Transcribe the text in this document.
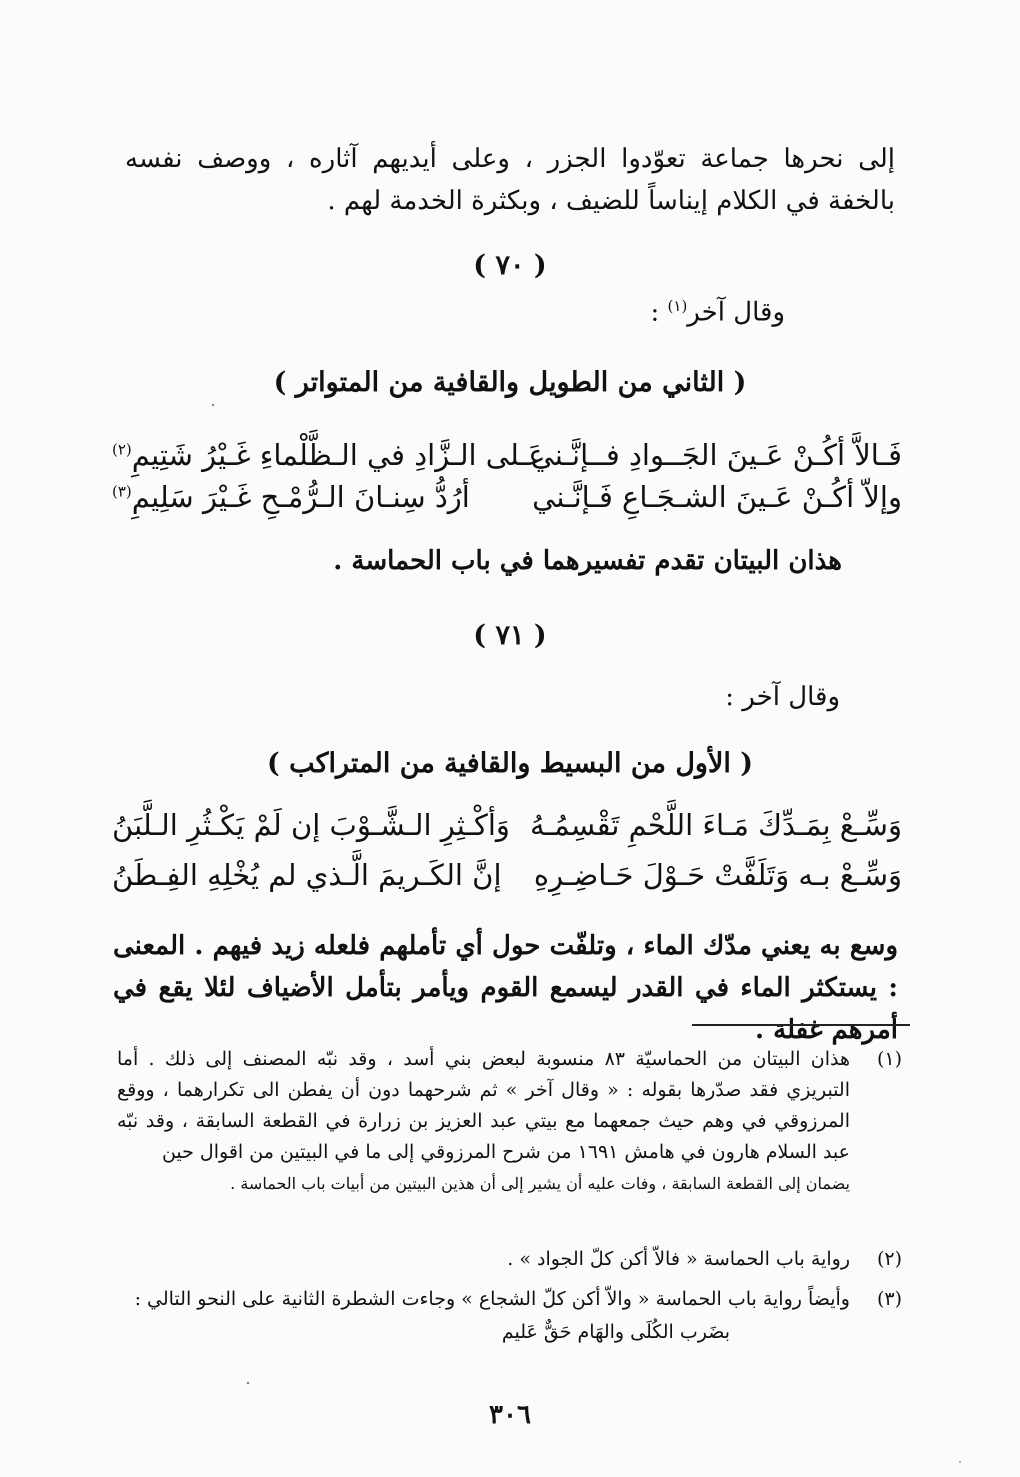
إلى نحرها جماعة تعوّدوا الجزر ، وعلى أيديهم آثاره ، ووصف نفسه بالخفة في الكلام إيناساً للضيف ، وبكثرة الخدمة لهم .

( ٧٠ )

وقال آخر$^{(١)}$ :

( الثاني من الطويل والقافية من المتواتر )

فَـالاَّ أكُـنْ عَـينَ الجَــوادِ فــإنَّـني
عَـلى الـزَّادِ في الـظَّلْماءِ غَـيْرُ شَتِيمِ$^{(٢)}$
وإلاّ أكُـنْ عَـينَ الشـجَـاعِ فَـإنَّـني
أرُدُّ سِنـانَ الـرُّمْـحِ غَـيْرَ سَلِيمِ$^{(٣)}$

هذان البيتان تقدم تفسيرهما في باب الحماسة .

( ٧١ )

وقال آخر :

( الأول من البسيط والقافية من المتراكب )

وَسِّـعْ بِمَـدِّكَ مَـاءَ اللَّحْمِ تَقْسِمُـهُ
وَأكْـثِرِ الـشَّـوْبَ إن لَمْ يَكْـثُرِ الـلَّبَنُ
وَسِّـعْ بـه وَتَلَفَّتْ حَـوْلَ حَـاضِـرِهِ
إنَّ الكَـريمَ الَّـذي لم يُخْلِهِ الفِـطَنُ

وسع به يعني مدّك الماء ، وتلفّت حول أي تأملهم فلعله زيد فيهم . المعنى : يستكثر الماء في القدر ليسمع القوم ويأمر بتأمل الأضياف لئلا يقع في أمرهم غفلة .

(١)
هذان البيتان من الحماسيّة ٨٣ منسوبة لبعض بني أسد ، وقد نبّه المصنف إلى ذلك . أما التبريزي فقد صدّرها بقوله : « وقال آخر » ثم شرحهما دون أن يفطن الى تكرارهما ، ووقع المرزوقي في وهم حيث جمعهما مع بيتي عبد العزيز بن زرارة في القطعة السابقة ، وقد نبّه عبد السلام هارون في هامش ١٦٩١ من شرح المرزوقي إلى ما في البيتين من اقوال حين
يضمان إلى القطعة السابقة ، وفات عليه أن يشير إلى أن هذين البيتين من أبيات باب الحماسة .
(٢)
رواية باب الحماسة « فالاّ أكن كلّ الجواد » .
(٣)
وأيضاً رواية باب الحماسة « والاّ أكن كلّ الشجاع » وجاءت الشطرة الثانية على النحو التالي :
بضَرب الكُلَى والهَام حَقٌّ عَليم
٣٠٦
